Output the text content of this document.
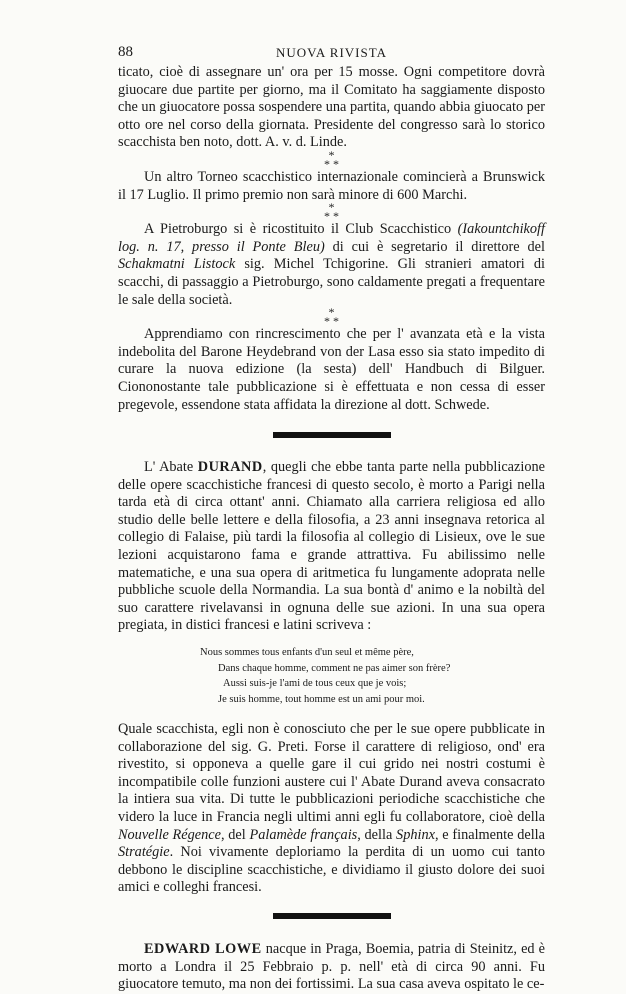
88	NUOVA RIVISTA

ticato, cioè di assegnare un' ora per 15 mosse. Ogni competitore dovrà giuocare due partite per giorno, ma il Comitato ha saggiamente disposto che un giuocatore possa sospendere una partita, quando abbia giuocato per otto ore nel corso della giornata. Presidente del congresso sarà lo storico scacchista ben noto, dott. A. v. d. Linde.

*
* *

Un altro Torneo scacchistico internazionale comincierà a Brunswick il 17 Luglio. Il primo premio non sarà minore di 600 Marchi.

*
* *

A Pietroburgo si è ricostituito il Club Scacchistico (Iakountchikoff log. n. 17, presso il Ponte Bleu) di cui è segretario il direttore del Schakmatni Listock sig. Michel Tchigorine. Gli stranieri amatori di scacchi, di passaggio a Pietroburgo, sono caldamente pregati a frequentare le sale della società.

*
* *

Apprendiamo con rincrescimento che per l' avanzata età e la vista indebolita del Barone Heydebrand von der Lasa esso sia stato impedito di curare la nuova edizione (la sesta) dell' Handbuch di Bilguer. Ciononostante tale pubblicazione si è effettuata e non cessa di esser pregevole, essendone stata affidata la direzione al dott. Schwede.

L' Abate DURAND, quegli che ebbe tanta parte nella pubblicazione delle opere scacchistiche francesi di questo secolo, è morto a Parigi nella tarda età di circa ottant' anni. Chiamato alla carriera religiosa ed allo studio delle belle lettere e della filosofia, a 23 anni insegnava retorica al collegio di Falaise, più tardi la filosofia al collegio di Lisieux, ove le sue lezioni acquistarono fama e grande attrattiva. Fu abilissimo nelle matematiche, e una sua opera di aritmetica fu lungamente adoprata nelle pubbliche scuole della Normandia. La sua bontà d' animo e la nobiltà del suo carattere rivelavansi in ognuna delle sue azioni. In una sua opera pregiata, in distici francesi e latini scriveva :

Nous sommes tous enfants d'un seul et même père,
Dans chaque homme, comment ne pas aimer son frère?
Aussi suis-je l'ami de tous ceux que je vois;
Je suis homme, tout homme est un ami pour moi.

Quale scacchista, egli non è conosciuto che per le sue opere pubblicate in collaborazione del sig. G. Preti. Forse il carattere di religioso, ond' era rivestito, si opponeva a quelle gare il cui grido nei nostri costumi è incompatibile colle funzioni austere cui l' Abate Durand aveva consacrato la intiera sua vita. Di tutte le pubblicazioni periodiche scacchistiche che videro la luce in Francia negli ultimi anni egli fu collaboratore, cioè della Nouvelle Régence, del Palamède français, della Sphinx, e finalmente della Stratégie. Noi vivamente deploriamo la perdita di un uomo cui tanto debbono le discipline scacchistiche, e dividiamo il giusto dolore dei suoi amici e colleghi francesi.

EDWARD LOWE nacque in Praga, Boemia, patria di Steinitz, ed è morto a Londra il 25 Febbraio p. p. nell' età di circa 90 anni. Fu giuocatore temuto, ma non dei fortissimi. La sua casa aveva ospitato le ce-
